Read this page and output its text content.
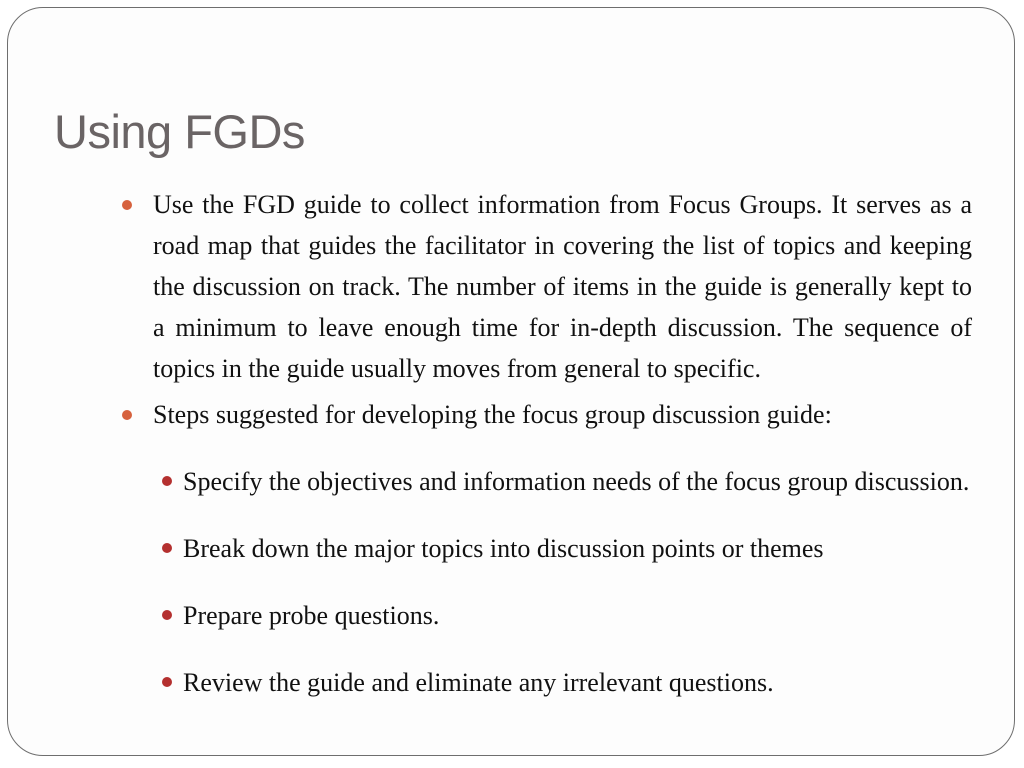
Using FGDs

Use the FGD guide to collect information from Focus Groups. It serves as a road map that guides the facilitator in covering the list of topics and keeping the discussion on track. The number of items in the guide is generally kept to a minimum to leave enough time for in-depth discussion. The sequence of topics in the guide usually moves from general to specific.

Steps suggested for developing the focus group discussion guide:

Specify the objectives and information needs of the focus group discussion.

Break down the major topics into discussion points or themes

Prepare probe questions.

Review the guide and eliminate any irrelevant questions.
